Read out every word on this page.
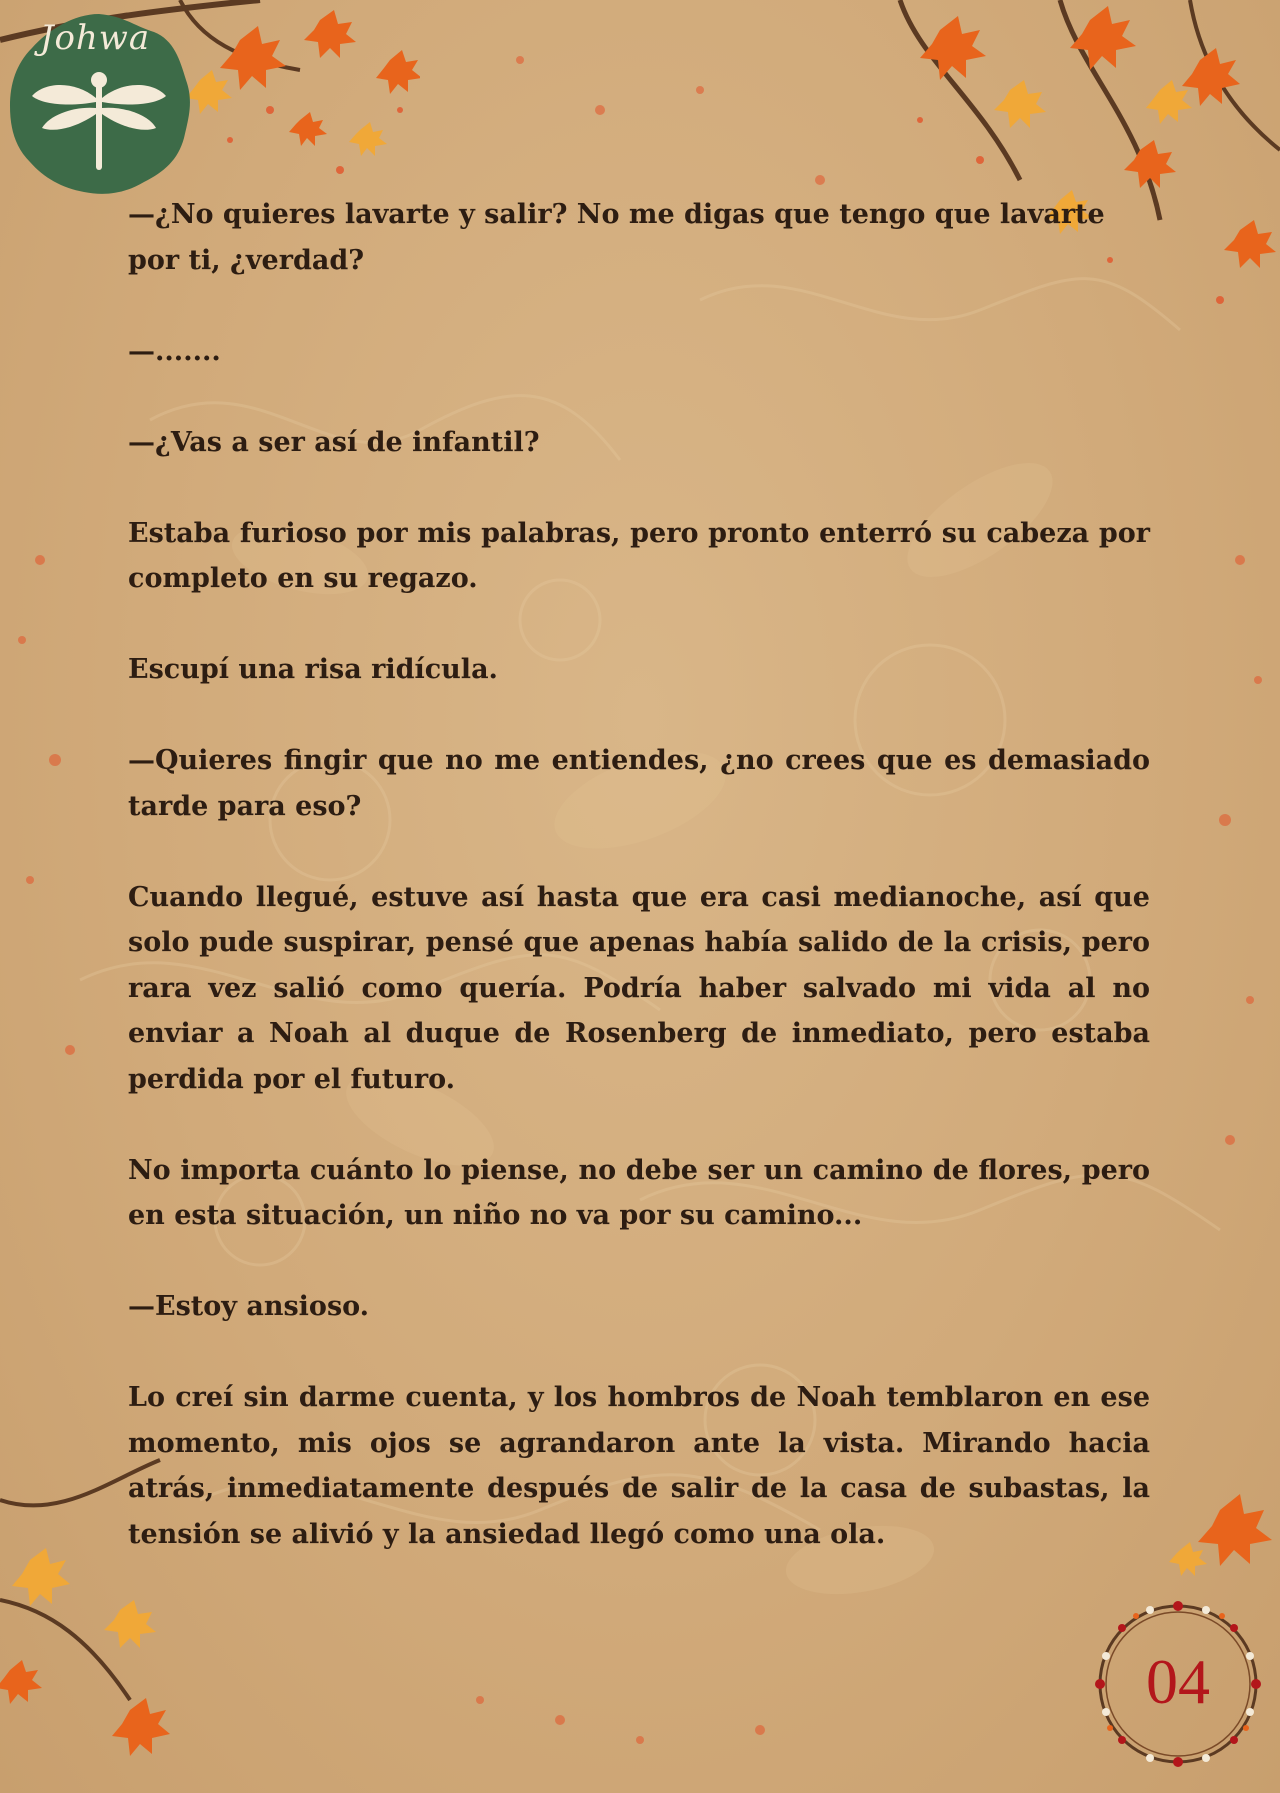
Johwa
04

—¿No quieres lavarte y salir? No me digas que tengo que lavarte por ti, ¿verdad?

—.......

—¿Vas a ser así de infantil?

Estaba furioso por mis palabras, pero pronto enterró su cabeza por completo en su regazo.

Escupí una risa ridícula.

—Quieres fingir que no me entiendes, ¿no crees que es demasiado tarde para eso?

Cuando llegué, estuve así hasta que era casi medianoche, así que solo pude suspirar, pensé que apenas había salido de la crisis, pero rara vez salió como quería. Podría haber salvado mi vida al no enviar a Noah al duque de Rosenberg de inmediato, pero estaba perdida por el futuro.

No importa cuánto lo piense, no debe ser un camino de flores, pero en esta situación, un niño no va por su camino...

—Estoy ansioso.

Lo creí sin darme cuenta, y los hombros de Noah temblaron en ese momento, mis ojos se agrandaron ante la vista. Mirando hacia atrás, inmediatamente después de salir de la casa de subastas, la tensión se alivió y la ansiedad llegó como una ola.
